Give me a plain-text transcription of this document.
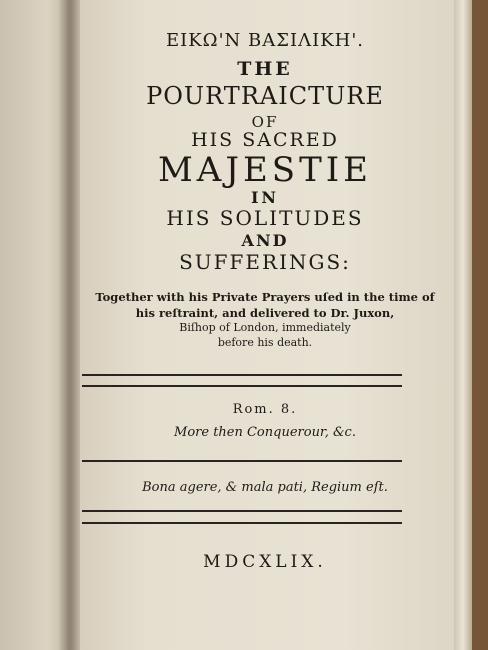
ΕΙΚΩ'Ν ΒΑΣΙΛΙΚΗ'.

THE

POURTRAICTURE

OF

HIS SACRED

MAJESTIE

IN

HIS SOLITUDES

AND

SUFFERINGS:

Together with his Private Prayers uſed in the time of

his reſtraint, and delivered to Dr. Juxon,

Biſhop of London, immediately

before his death.

Rom. 8.

More then Conquerour, &c.

Bona agere, & mala pati, Regium eſt.

MDCXLIX.
